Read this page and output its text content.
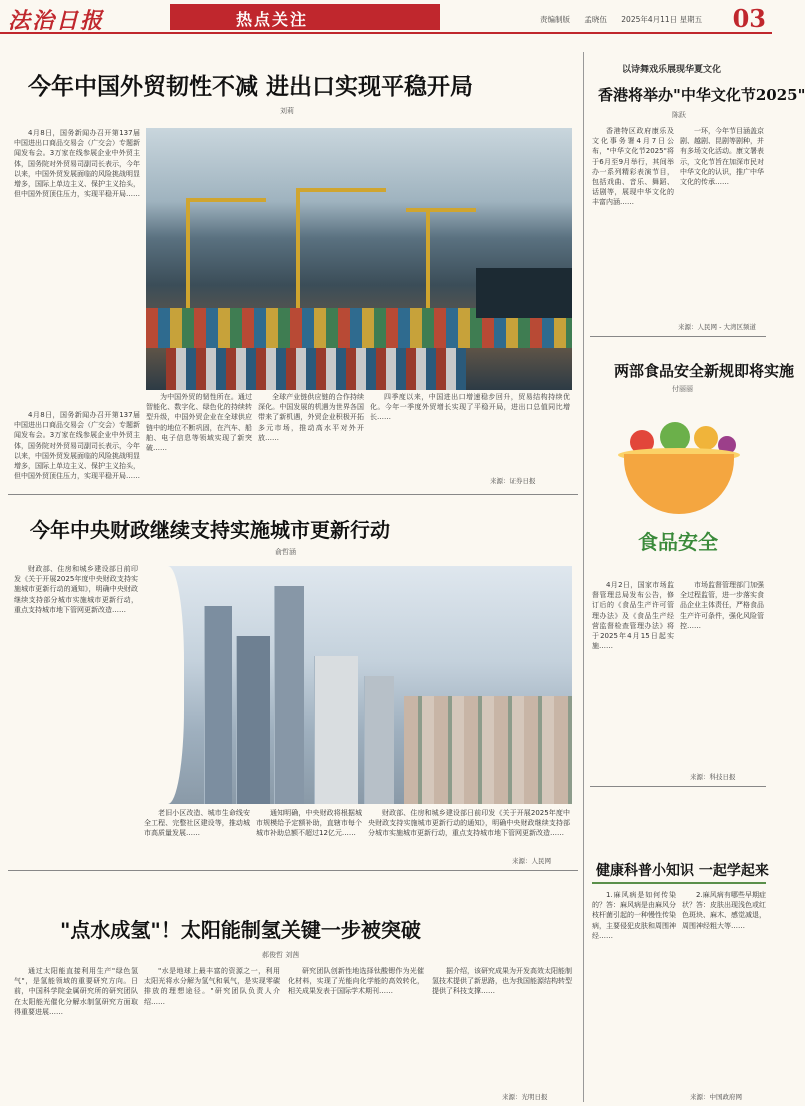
法治日报	热点关注	责编制版 孟晓伍 2025年4月11日 星期五	03
今年中国外贸韧性不减 进出口实现平稳开局
刘莉

4月8日，国务新闻办召开第137届中国进出口商品交易会（广交会）专题新闻发布会。3万家在线参展企业中外贸主体，国务院对外贸易司副司长表示，今年以来，中国外贸发展面临的风险挑战明显增多，国际上单边主义、保护主义抬头，但中国外贸顶住压力，实现平稳开局……

为中国外贸的韧性所在。通过智能化、数字化、绿色化的持续转型升级，中国外贸企业在全球供应链中的地位不断巩固，在汽车、船舶、电子信息等领域实现了新突破……

全球产业链供应链的合作持续深化。中国发展的机遇为世界各国带来了新机遇，外贸企业积极开拓多元市场，推动高水平对外开放……

四季度以来，中国进出口增速稳步回升，贸易结构持续优化。今年一季度外贸增长实现了平稳开局，进出口总值同比增长……

来源：证券日报

4月8日，国务新闻办召开第137届中国进出口商品交易会（广交会）专题新闻发布会。3万家在线参展企业中外贸主体，国务院对外贸易司副司长表示，今年以来，中国外贸发展面临的风险挑战明显增多，国际上单边主义、保护主义抬头，但中国外贸顶住压力，实现平稳开局……

以诗舞戏乐展现华夏文化
香港将举办"中华文化节2025"
陈跃

香港特区政府康乐及文化事务署4月7日公布，"中华文化节2025"将于6月至9月举行，其间举办一系列精彩表演节目，包括戏曲、音乐、舞蹈、话剧等，展现中华文化的丰富内涵……

一环，今年节目涵盖京剧、越剧、昆剧等剧种，并有多场文化活动。康文署表示，文化节旨在加深市民对中华文化的认识，推广中华文化的传承……

来源：人民网 - 大湾区频道
两部食品安全新规即将实施
付丽丽
食品安全

4月2日，国家市场监督管理总局发布公告，修订后的《食品生产许可管理办法》及《食品生产经营监督检查管理办法》将于2025年4月15日起实施……

市场监督管理部门加强全过程监管，进一步落实食品企业主体责任，严格食品生产许可条件，强化风险管控……

来源：科技日报
今年中央财政继续支持实施城市更新行动
俞哲涵

财政部、住房和城乡建设部日前印发《关于开展2025年度中央财政支持实施城市更新行动的通知》，明确中央财政继续支持部分城市实施城市更新行动，重点支持城市地下管网更新改造……

老旧小区改造、城市生命线安全工程、完整社区建设等，推动城市高质量发展……

通知明确，中央财政将根据城市规模给予定额补助，直辖市每个城市补助总额不超过12亿元……

财政部、住房和城乡建设部日前印发《关于开展2025年度中央财政支持实施城市更新行动的通知》，明确中央财政继续支持部分城市实施城市更新行动，重点支持城市地下管网更新改造……

来源：人民网
"点水成氢"！太阳能制氢关键一步被突破
郝俊哲 刘茜

通过太阳能直接利用生产"绿色氢气"，是氢能领域的重要研究方向。日前，中国科学院金属研究所的研究团队在太阳能光催化分解水制氢研究方面取得重要进展……

"水是地球上最丰富的资源之一，利用太阳光将水分解为氢气和氧气，是实现零碳排放的理想途径。"研究团队负责人介绍……

研究团队创新性地选择钛酸锶作为光催化材料，实现了光能向化学能的高效转化，相关成果发表于国际学术期刊……

据介绍，该研究成果为开发高效太阳能制氢技术提供了新思路，也为我国能源结构转型提供了科技支撑……

来源：光明日报
健康科普小知识 一起学起来

1.麻风病是如何传染的？答：麻风病是由麻风分枝杆菌引起的一种慢性传染病，主要侵犯皮肤和周围神经……

2.麻风病有哪些早期症状？答：皮肤出现浅色或红色斑块、麻木、感觉减退，周围神经粗大等……

来源：中国政府网
